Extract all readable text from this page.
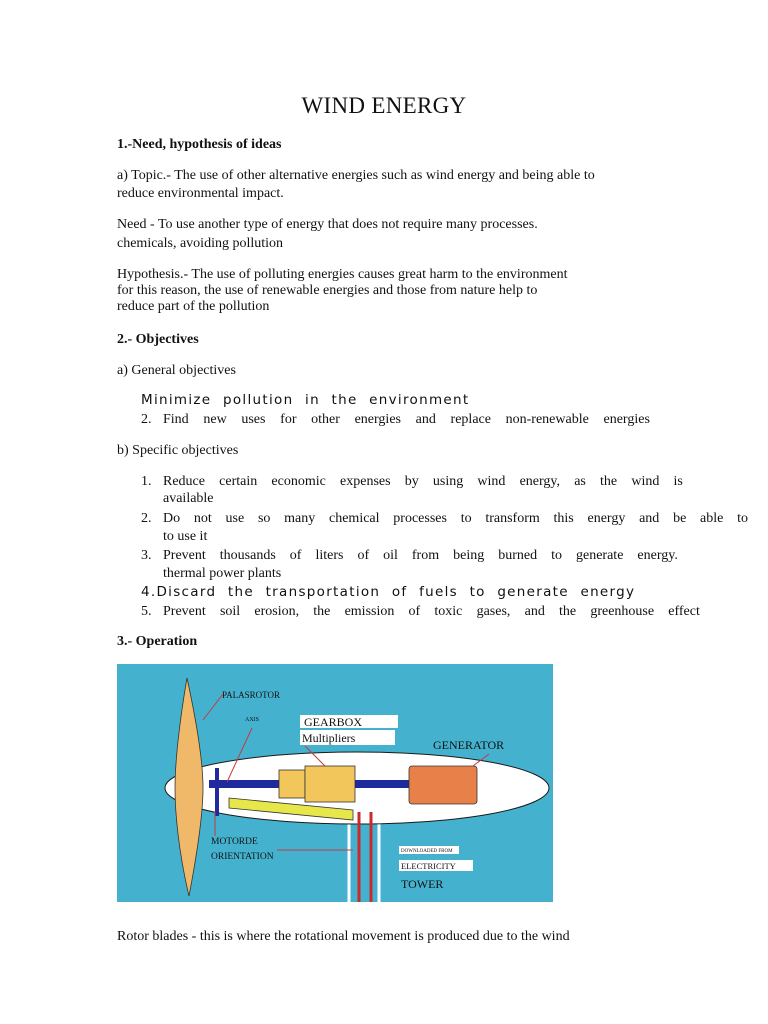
WIND ENERGY
1.-Need, hypothesis of ideas
a) Topic.- The use of other alternative energies such as wind energy and being able to
reduce environmental impact.
Need - To use another type of energy that does not require many processes.
chemicals, avoiding pollution
Hypothesis.- The use of polluting energies causes great harm to the environment
for this reason, the use of renewable energies and those from nature help to
reduce part of the pollution
2.- Objectives
a) General objectives
Minimize pollution in the environment
2. Find new uses for other energies and replace non-renewable energies
b) Specific objectives
1. Reduce certain economic expenses by using wind energy, as the wind is
available
2. Do not use so many chemical processes to transform this energy and be able to
to use it
3. Prevent thousands of liters of oil from being burned to generate energy.
thermal power plants
4.Discard the transportation of fuels to generate energy
5. Prevent soil erosion, the emission of toxic gases, and the greenhouse effect
3.- Operation
PALASROTOR
AXIS	GEARBOX
Multipliers	GENERATOR
MOTORDE
ORIENTATION
DOWNLOADED FROM
ELECTRICITY
TOWER
Rotor blades - this is where the rotational movement is produced due to the wind
